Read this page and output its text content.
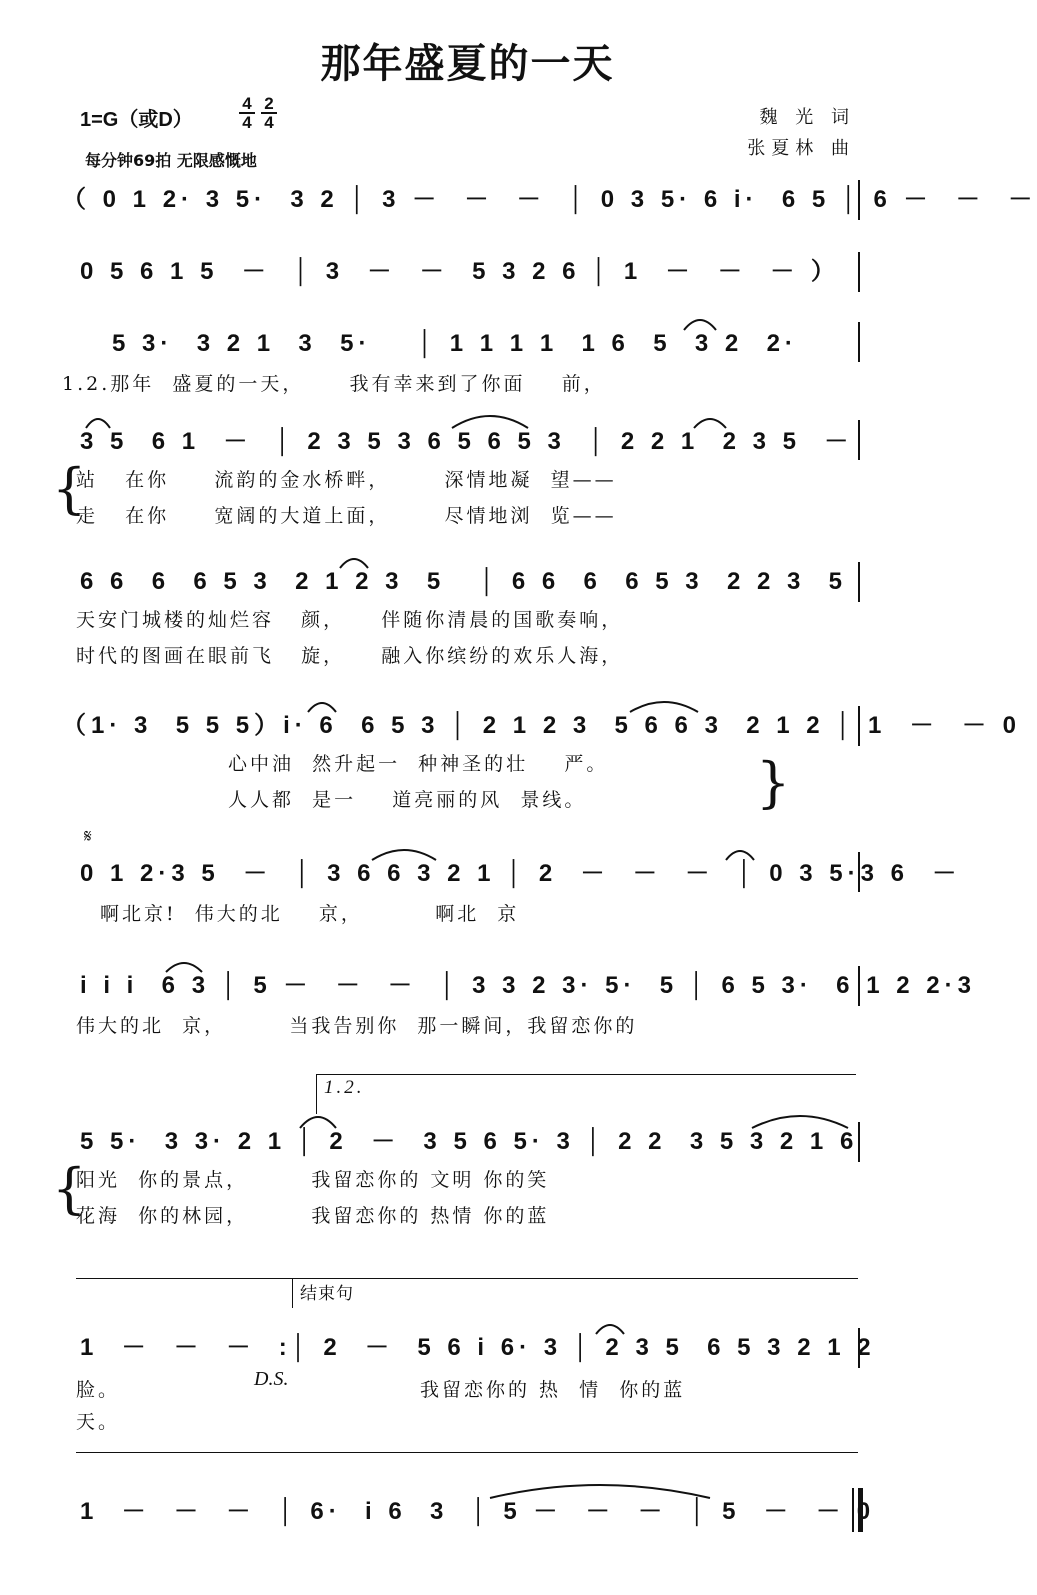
那年盛夏的一天
1=G（或D）
4
4
2
4
每分钟69拍 无限感慨地
魏 光 词
张夏林 曲
（ 0 1 2· 3 5·  3 2 │ 3 －  －  －  │ 0 3 5· 6 i·  6 5 │ 6 －  －  －
0 5 6 1 5  －  │ 3  －  －  5 3 2 6 │ 1  －  －  － ）
5 3·  3 2 1  3  5·    │ 1 1 1 1  1 6  5  3 2  2·
1.2.那年  盛夏的一天，     我有幸来到了你面    前，
3 5  6 1  －  │ 2 3 5 3 6 5 6 5 3  │ 2 2 1  2 3 5  －
{
站   在你     流韵的金水桥畔，      深情地凝  望——
走   在你     宽阔的大道上面，      尽情地浏  览——
6 6  6  6 5 3  2 1 2 3  5   │ 6 6  6  6 5 3  2 2 3  5
天安门城楼的灿烂容   颜，    伴随你清晨的国歌奏响，
时代的图画在眼前飞   旋，    融入你缤纷的欢乐人海，
（1· 3  5 5 5）i· 6  6 5 3 │ 2 1 2 3  5 6 6 3  2 1 2 │ 1  －  － 0
心中油  然升起一  种神圣的壮    严。
人人都  是一    道亮丽的风  景线。	}
𝄋
0 1 2·3 5  －  │ 3 6 6 3 2 1 │ 2  －  －  －  │ 0 3 5·3 6  －
啊北京!  伟大的北    京，        啊北  京
i i i  6 3 │ 5 －  －  －  │ 3 3 2 3· 5·  5 │ 6 5 3·  6 1 2 2·3
伟大的北  京，       当我告别你  那一瞬间，我留恋你的
1.2.
5 5·  3 3· 2 1 │ 2  －  3 5 6 5· 3 │ 2 2  3 5 3 2 1 6
{
阳光  你的景点，       我留恋你的 文明 你的笑
花海  你的林园，       我留恋你的 热情 你的蓝
结束句
1  －  －  －  :│ 2  －  5 6 i 6· 3 │ 2 3 5  6 5 3 2 1 2
脸。	D.S.	我留恋你的 热  情  你的蓝
天。
1  －  －  －  │ 6·  i 6  3  │ 5 －  －  －  │ 5  －  － 0
